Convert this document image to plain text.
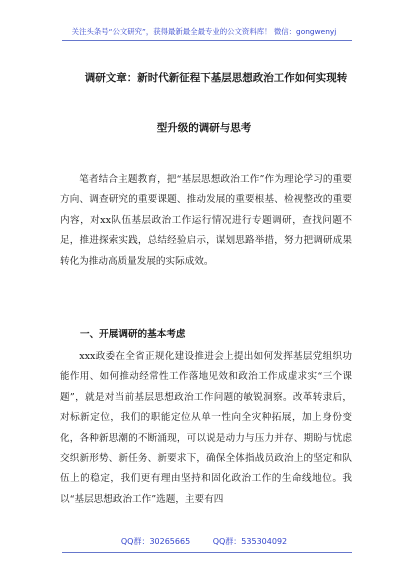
关注头条号“公文研究”，获得最新最全最专业的公文资料库！ 微信：gongwenyj
调研文章：新时代新征程下基层思想政治工作如何实现转
型升级的调研与思考
笔者结合主题教育，把“基层思想政治工作”作为理论学习的重要方向、调查研究的重要课题、推动发展的重要根基、检视整改的重要内容，对xx队伍基层政治工作运行情况进行专题调研，查找问题不足，推进探索实践，总结经验启示，谋划思路举措，努力把调研成果转化为推动高质量发展的实际成效。
一、开展调研的基本考虑
xxx政委在全省正规化建设推进会上提出如何发挥基层党组织功能作用、如何推动经常性工作落地见效和政治工作成虚求实“三个课题”，就是对当前基层思想政治工作问题的敏锐洞察。改革转隶后，对标新定位，我们的职能定位从单一性向全灾种拓展，加上身份变化，各种新思潮的不断涌现，可以说是动力与压力并存、期盼与忧虑交织新形势、新任务、新要求下，确保全体指战员政治上的坚定和队伍上的稳定，我们更有理由坚持和固化政治工作的生命线地位。我以“基层思想政治工作”选题，主要有四
QQ群：30265665	QQ群：535304092
